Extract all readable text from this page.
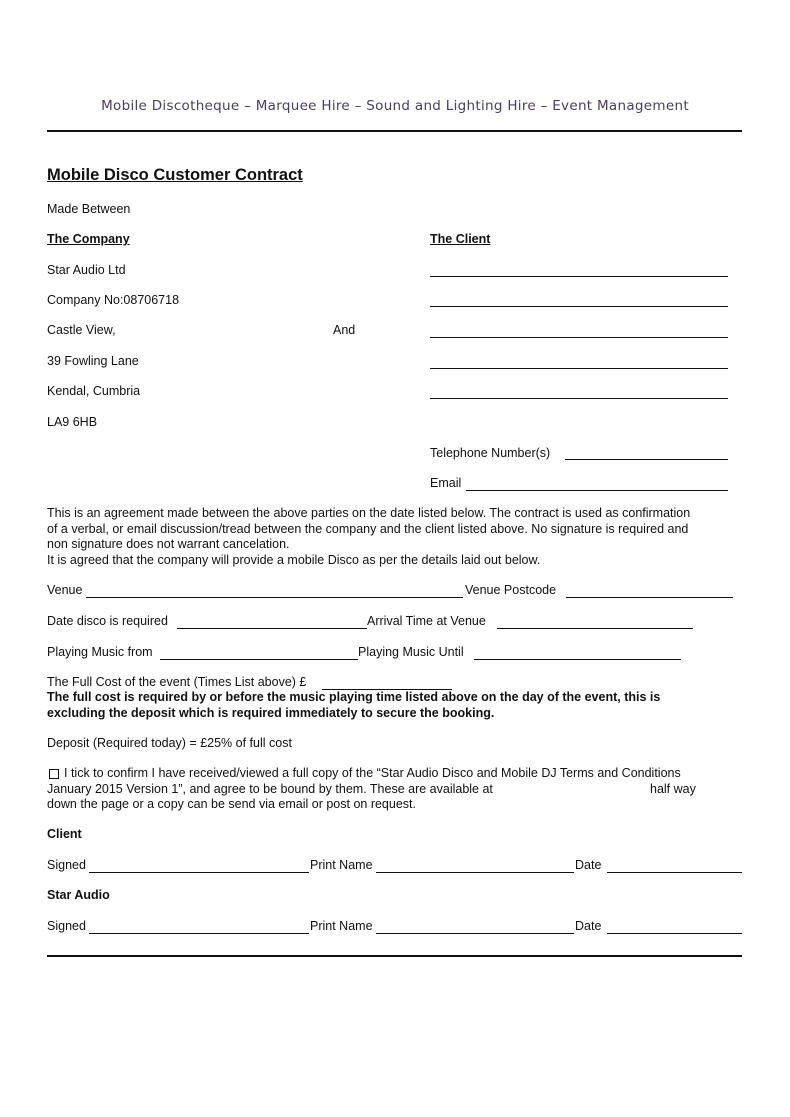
Mobile Discotheque – Marquee Hire – Sound and Lighting Hire – Event Management
Mobile Disco Customer Contract
Made Between
The Company
Star Audio Ltd
Company No:08706718
Castle View,
39 Fowling Lane
Kendal, Cumbria
LA9 6HB
And
The Client
Telephone Number(s)
Email
This is an agreement made between the above parties on the date listed below. The contract is used as confirmation
of a verbal, or email discussion/tread between the company and the client listed above. No signature is required and
non signature does not warrant cancelation.
It is agreed that the company will provide a mobile Disco as per the details laid out below.
Venue	Venue Postcode
Date disco is required	Arrival Time at Venue
Playing Music from	Playing Music Until
The Full Cost of the event (Times List above) £
The full cost is required by or before the music playing time listed above on the day of the event, this is
excluding the deposit which is required immediately to secure the booking.
Deposit (Required today) = £25% of full cost
I tick to confirm I have received/viewed a full copy of the “Star Audio Disco and Mobile DJ Terms and Conditions
January 2015 Version 1”, and agree to be bound by them. These are available at	half way
down the page or a copy can be send via email or post on request.
Client
Signed	Print Name	Date
Star Audio
Signed	Print Name	Date
